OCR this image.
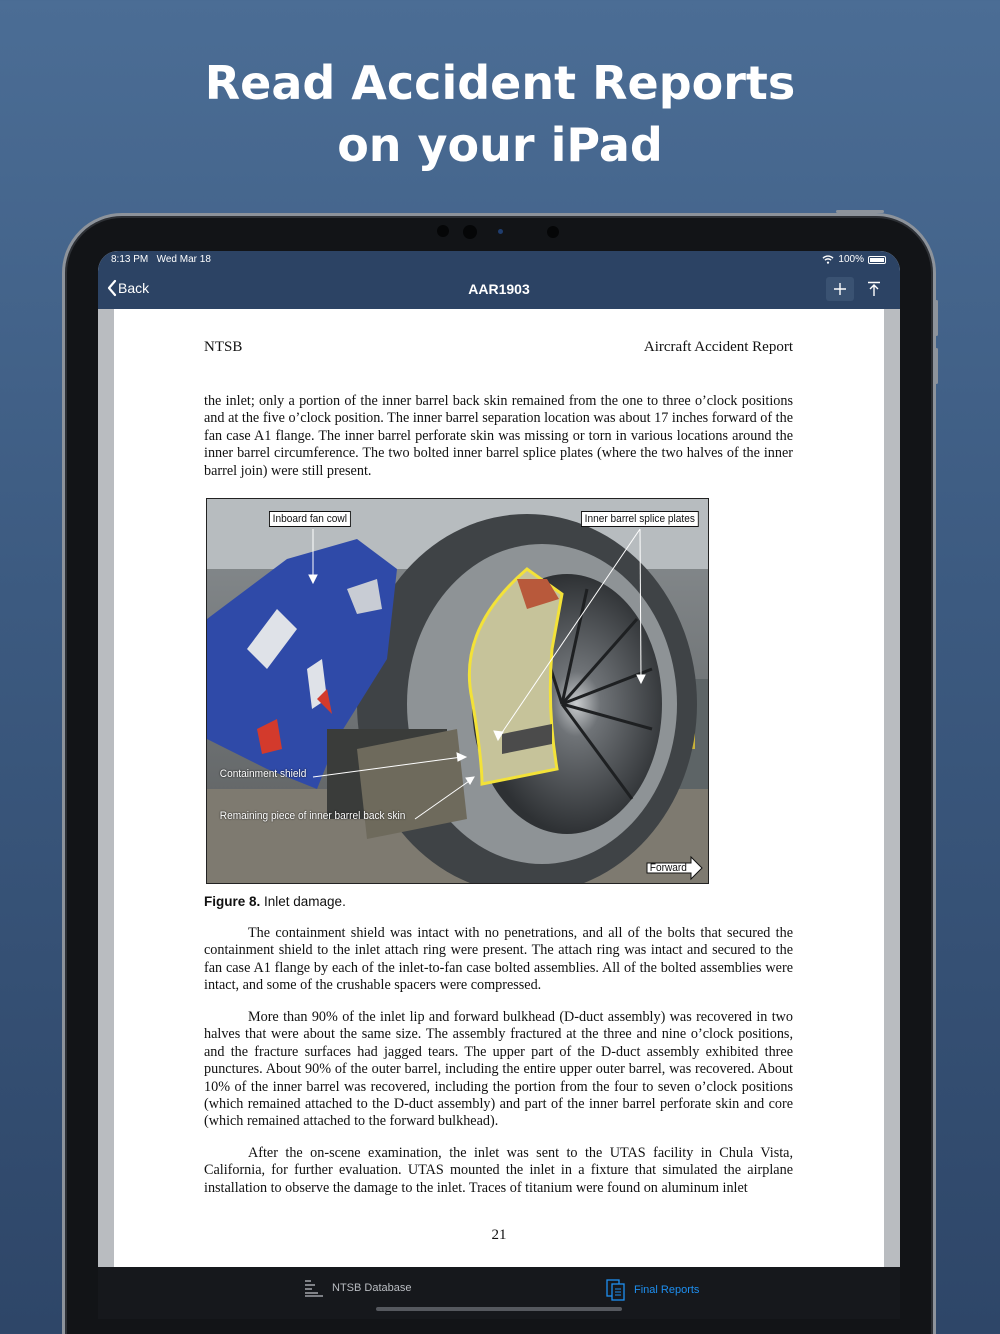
Read Accident Reports
on your iPad
8:13 PM Wed Mar 18	100%
Back	AAR1903
NTSB	Aircraft Accident Report
the inlet; only a portion of the inner barrel back skin remained from the one to three o’clock positions and at the five o’clock position. The inner barrel separation location was about 17 inches forward of the fan case A1 flange. The inner barrel perforate skin was missing or torn in various locations around the inner barrel circumference. The two bolted inner barrel splice plates (where the two halves of the inner barrel join) were still present.
Inboard fan cowl	Inner barrel splice plates
Containment shield
Remaining piece of inner barrel back skin
Forward
Figure 8. Inlet damage.
The containment shield was intact with no penetrations, and all of the bolts that secured the containment shield to the inlet attach ring were present. The attach ring was intact and secured to the fan case A1 flange by each of the inlet-to-fan case bolted assemblies. All of the bolted assemblies were intact, and some of the crushable spacers were compressed.
More than 90% of the inlet lip and forward bulkhead (D-duct assembly) was recovered in two halves that were about the same size. The assembly fractured at the three and nine o’clock positions, and the fracture surfaces had jagged tears. The upper part of the D-duct assembly exhibited three punctures. About 90% of the outer barrel, including the entire upper outer barrel, was recovered. About 10% of the inner barrel was recovered, including the portion from the four to seven o’clock positions (which remained attached to the D-duct assembly) and part of the inner barrel perforate skin and core (which remained attached to the forward bulkhead).
After the on-scene examination, the inlet was sent to the UTAS facility in Chula Vista, California, for further evaluation. UTAS mounted the inlet in a fixture that simulated the airplane installation to observe the damage to the inlet. Traces of titanium were found on aluminum inlet
21
NTSB Database	Final Reports
